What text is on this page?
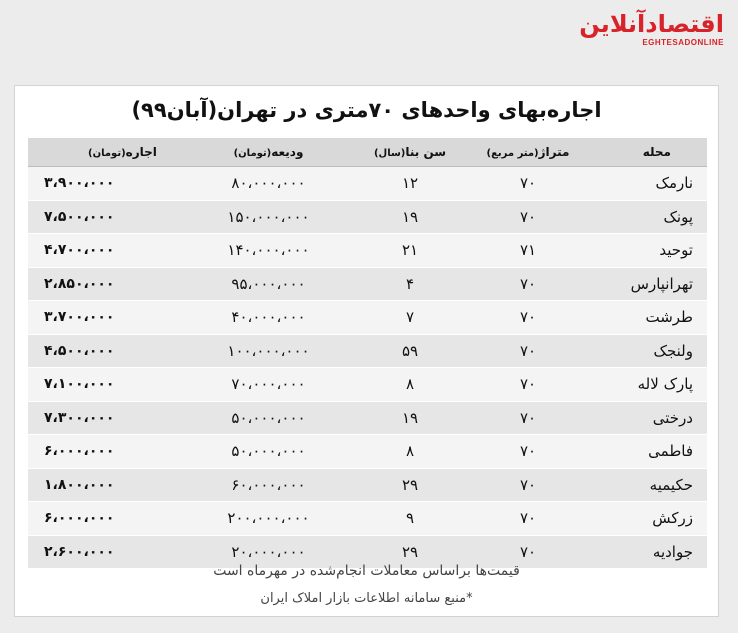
اقتصادآنلاین
EGHTESADONLINE
اجاره‌بهای واحدهای ۷۰متری در تهران(آبان۹۹)
محله	متراژ(متر مربع)	سن بنا(سال)	ودیعه(تومان)	اجاره(تومان)
نارمک	۷۰	۱۲	۸۰،۰۰۰،۰۰۰	۳،۹۰۰،۰۰۰
پونک	۷۰	۱۹	۱۵۰،۰۰۰،۰۰۰	۷،۵۰۰،۰۰۰
توحید	۷۱	۲۱	۱۴۰،۰۰۰،۰۰۰	۴،۷۰۰،۰۰۰
تهرانپارس	۷۰	۴	۹۵،۰۰۰،۰۰۰	۲،۸۵۰،۰۰۰
طرشت	۷۰	۷	۴۰،۰۰۰،۰۰۰	۳،۷۰۰،۰۰۰
ولنجک	۷۰	۵۹	۱۰۰،۰۰۰،۰۰۰	۴،۵۰۰،۰۰۰
پارک لاله	۷۰	۸	۷۰،۰۰۰،۰۰۰	۷،۱۰۰،۰۰۰
درختی	۷۰	۱۹	۵۰،۰۰۰،۰۰۰	۷،۳۰۰،۰۰۰
فاطمی	۷۰	۸	۵۰،۰۰۰،۰۰۰	۶،۰۰۰،۰۰۰
حکیمیه	۷۰	۲۹	۶۰،۰۰۰،۰۰۰	۱،۸۰۰،۰۰۰
زرکش	۷۰	۹	۲۰۰،۰۰۰،۰۰۰	۶،۰۰۰،۰۰۰
جوادیه	۷۰	۲۹	۲۰،۰۰۰،۰۰۰	۲،۶۰۰،۰۰۰
قیمت‌ها براساس معاملات انجام‌شده در مهرماه است
*منبع سامانه اطلاعات بازار املاک ایران
